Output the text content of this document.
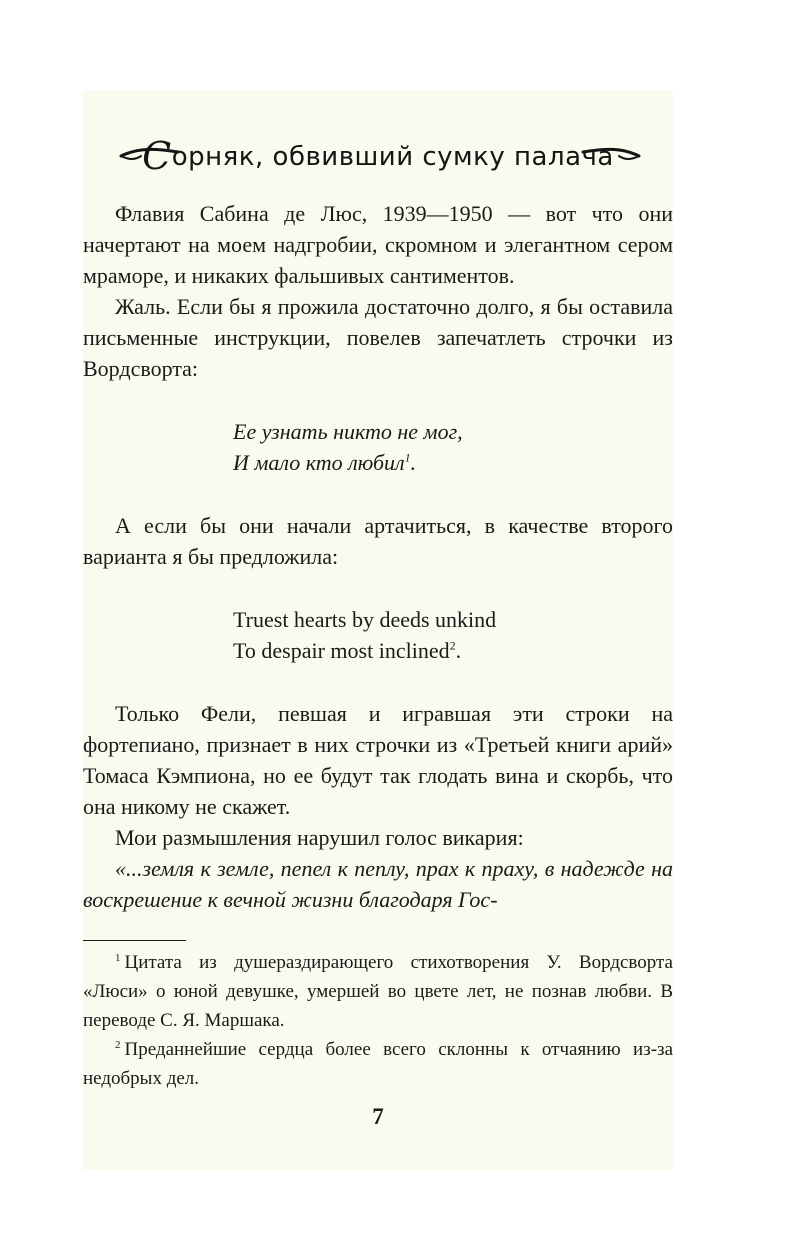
Сорняк, обвивший сумку палача

Флавия Сабина де Люс, 1939—1950 — вот что они начертают на моем надгробии, скромном и элегантном сером мраморе, и никаких фальшивых сантиментов.

Жаль. Если бы я прожила достаточно долго, я бы оставила письменные инструкции, повелев запечатлеть строчки из Вордсворта:

Ее узнать никто не мог,
И мало кто любил$^1$.

А если бы они начали артачиться, в качестве второго варианта я бы предложила:

Truest hearts by deeds unkind
To despair most inclined$^2$.

Только Фели, певшая и игравшая эти строки на фортепиано, признает в них строчки из «Третьей книги арий» Томаса Кэмпиона, но ее будут так глодать вина и скорбь, что она никому не скажет.

Мои размышления нарушил голос викария:

«...земля к земле, пепел к пеплу, прах к праху, в надежде на воскрешение к вечной жизни благодаря Гос-

$^1$ Цитата из душераздирающего стихотворения У. Вордсворта «Люси» о юной девушке, умершей во цвете лет, не познав любви. В переводе С. Я. Маршака.

$^2$ Преданнейшие сердца более всего склонны к отчаянию из-за недобрых дел.

7
